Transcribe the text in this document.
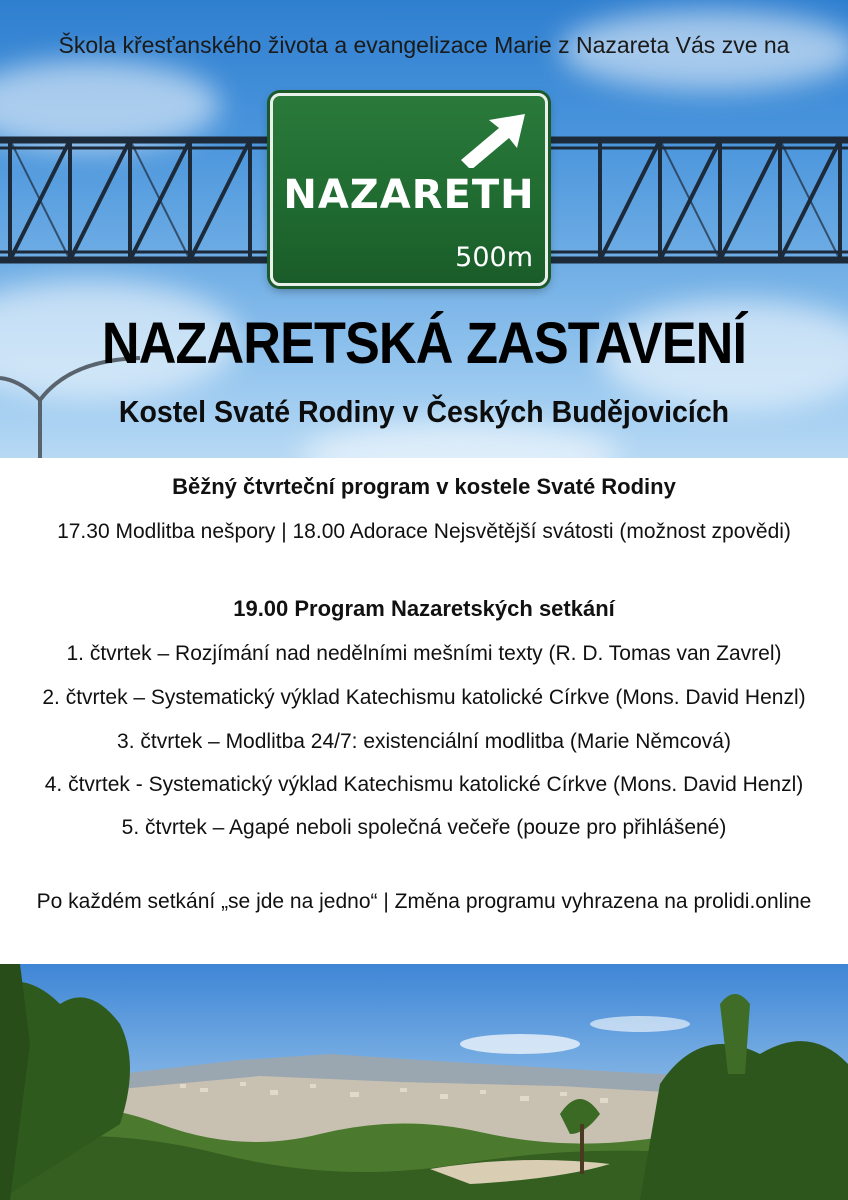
Škola křesťanského života a evangelizace Marie z Nazareta Vás zve na
NAZARETH
500m
NAZARETSKÁ ZASTAVENÍ
Kostel Svaté Rodiny v Českých Budějovicích
Běžný čtvrteční program v kostele Svaté Rodiny
17.30 Modlitba nešpory | 18.00 Adorace Nejsvětější svátosti (možnost zpovědi)
19.00 Program Nazaretských setkání
1. čtvrtek – Rozjímání nad nedělními mešními texty (R. D. Tomas van Zavrel)
2. čtvrtek – Systematický výklad Katechismu katolické Církve (Mons. David Henzl)
3. čtvrtek – Modlitba 24/7: existenciální modlitba (Marie Němcová)
4. čtvrtek - Systematický výklad Katechismu katolické Církve (Mons. David Henzl)
5. čtvrtek – Agapé neboli společná večeře (pouze pro přihlášené)
Po každém setkání „se jde na jedno“ | Změna programu vyhrazena na prolidi.online
